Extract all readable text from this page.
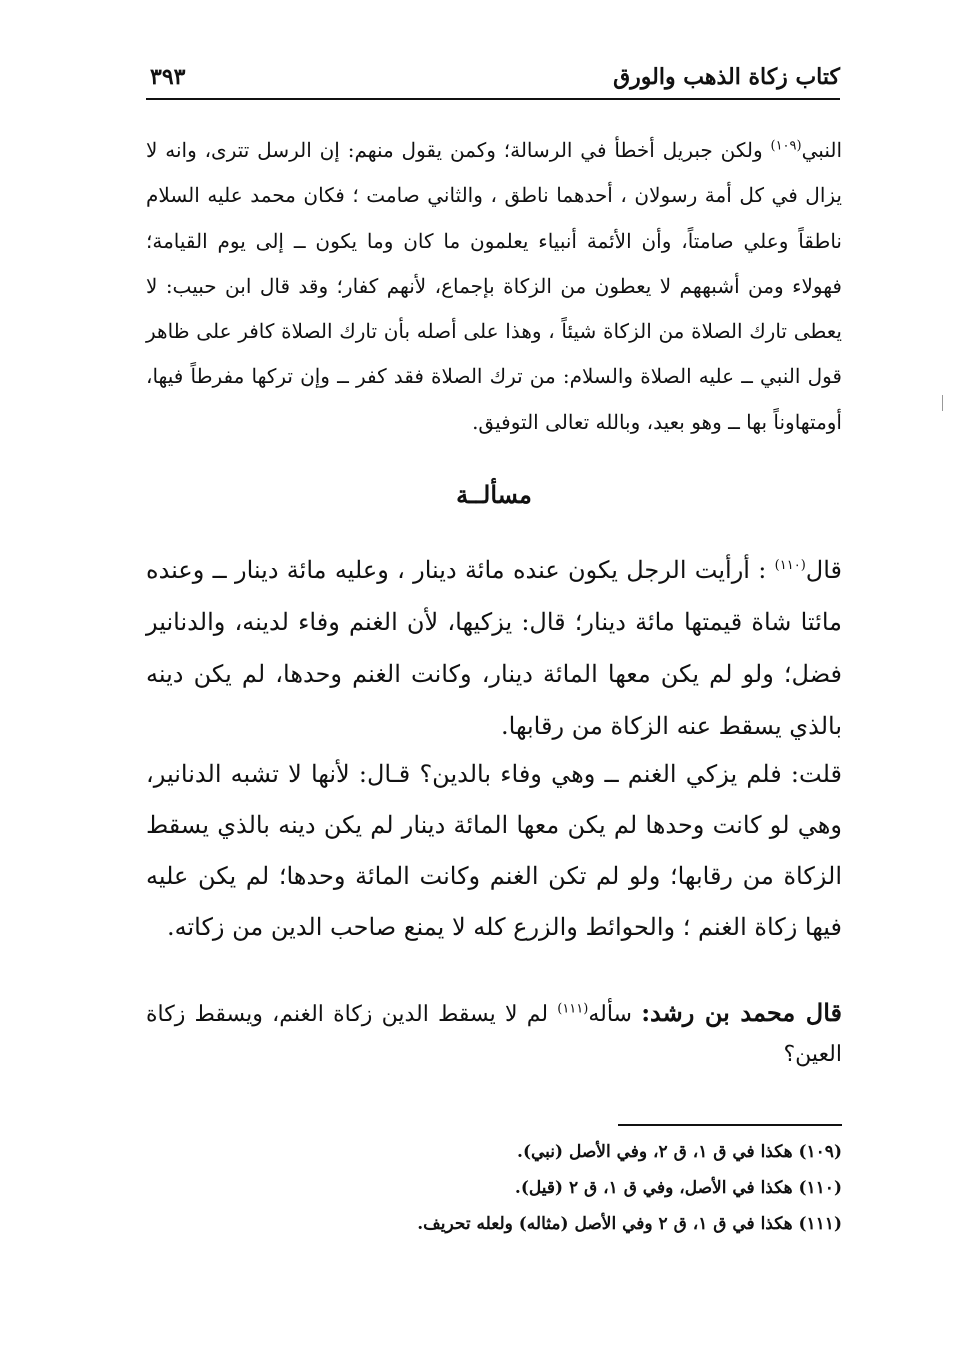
كتاب زكاة الذهب والورق
٣٩٣
النبي$^{(١٠٩)}$ ولكن جبريل أخطأ في الرسالة؛ وكمن يقول منهم: إن الرسل تترى، وانه لا يزال في كل أمة رسولان ، أحدهما ناطق ، والثاني صامت ؛ فكان محمد عليه السلام ناطقاً وعلي صامتاً، وأن الأئمة أنبياء يعلمون ما كان وما يكون ــ إلى يوم القيامة؛ فهولاء ومن أشبههم لا يعطون من الزكاة بإجماع، لأنهم كفار؛ وقد قال ابن حبيب: لا يعطى تارك الصلاة من الزكاة شيئاً ، وهذا على أصله بأن تارك الصلاة كافر على ظاهر قول النبي ــ عليه الصلاة والسلام: من ترك الصلاة فقد كفر ــ وإن تركها مفرطاً فيها، أومتهاوناً بها ــ وهو بعيد، وبالله تعالى التوفيق.
مسألــة
قال$^{(١١٠)}$ : أرأيت الرجل يكون عنده مائة دينار ، وعليه مائة دينار ــ وعنده مائتا شاة قيمتها مائة دينار؛ قال: يزكيها، لأن الغنم وفاء لدينه، والدنانير فضل؛ ولو لم يكن معها المائة دينار، وكانت الغنم وحدها، لم يكن دينه بالذي يسقط عنه الزكاة من رقابها.
قلت: فلم يزكي الغنم ــ وهي وفاء بالدين؟ قـال: لأنها لا تشبه الدنانير، وهي لو كانت وحدها لم يكن معها المائة دينار لم يكن دينه بالذي يسقط الزكاة من رقابها؛ ولو لم تكن الغنم وكانت المائة وحدها؛ لم يكن عليه فيها زكاة الغنم ؛ والحوائط والزرع كله لا يمنع صاحب الدين من زكاته.
قال محمد بن رشد: سأله$^{(١١١)}$ لم لا يسقط الدين زكاة الغنم، ويسقط زكاة العين؟
(١٠٩) هكذا في ق ١، ق ٢، وفي الأصل (نبي).
(١١٠) هكذا في الأصل، وفي ق ١، ق ٢ (قيل).
(١١١) هكذا في ق ١، ق ٢ وفي الأصل (مثاله) ولعله تحريف.
